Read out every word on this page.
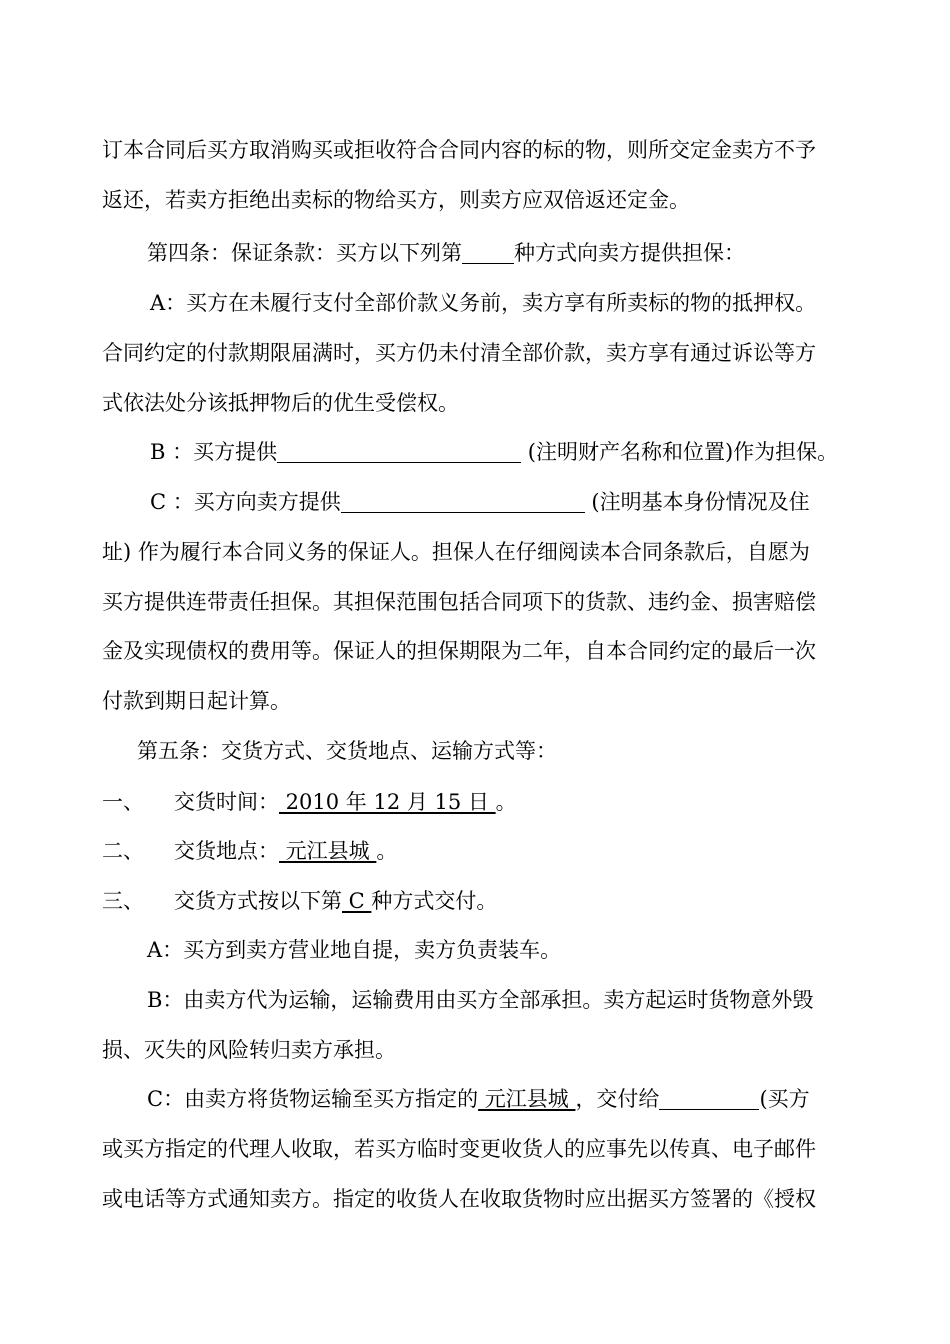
订本合同后买方取消购买或拒收符合合同内容的标的物，则所交定金卖方不予
返还，若卖方拒绝出卖标的物给买方，则卖方应双倍返还定金。
第四条：保证条款：买方以下列第 种方式向卖方提供担保：
A：买方在未履行支付全部价款义务前，卖方享有所卖标的物的抵押权。
合同约定的付款期限届满时，买方仍未付清全部价款，卖方享有通过诉讼等方
式依法处分该抵押物后的优生受偿权。
B ：买方提供	(注明财产名称和位置)作为担保。
C ：买方向卖方提供	(注明基本身份情况及住
址) 作为履行本合同义务的保证人。担保人在仔细阅读本合同条款后，自愿为
买方提供连带责任担保。其担保范围包括合同项下的货款、违约金、损害赔偿
金及实现债权的费用等。保证人的担保期限为二年，自本合同约定的最后一次
付款到期日起计算。
第五条：交货方式、交货地点、运输方式等：
一、 交货时间： 2010 年 12 月 15 日 。
二、 交货地点： 元江县城 。
三、 交货方式按以下第 C 种方式交付。
A：买方到卖方营业地自提，卖方负责装车。
B：由卖方代为运输，运输费用由买方全部承担。卖方起运时货物意外毁
损、灭失的风险转归卖方承担。
C：由卖方将货物运输至买方指定的 元江县城 ，交付给	(买方
或买方指定的代理人收取，若买方临时变更收货人的应事先以传真、电子邮件
或电话等方式通知卖方。指定的收货人在收取货物时应出据买方签署的《授权
